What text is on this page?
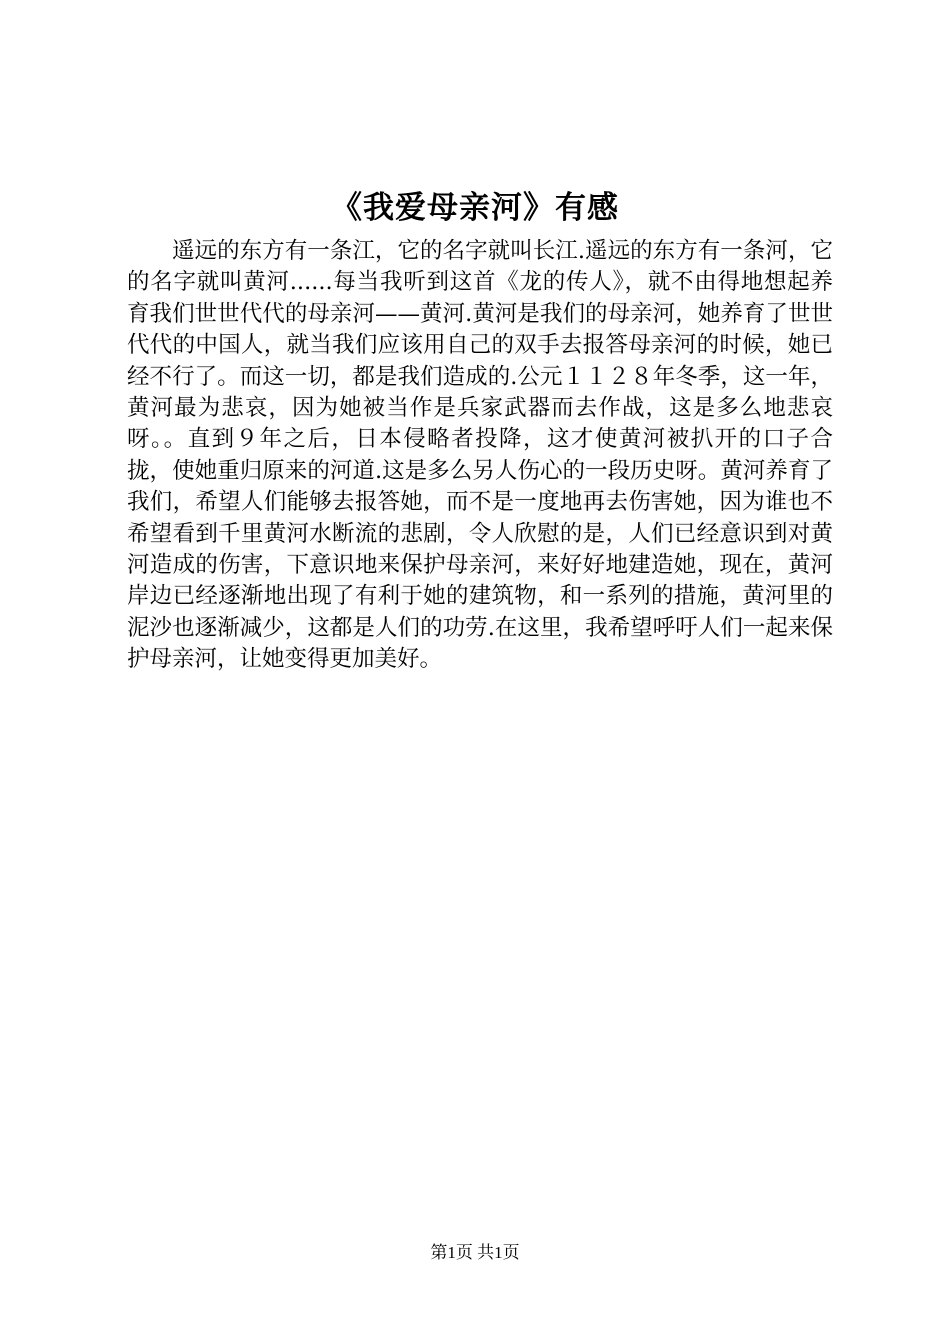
《我爱母亲河》有感

遥远的东方有一条江，它的名字就叫长江.遥远的东方有一条河，它的名字就叫黄河......每当我听到这首《龙的传人》，就不由得地想起养育我们世世代代的母亲河——黄河.黄河是我们的母亲河，她养育了世世代代的中国人，就当我们应该用自己的双手去报答母亲河的时候，她已经不行了。而这一切，都是我们造成的.公元１１２８年冬季，这一年，黄河最为悲哀，因为她被当作是兵家武器而去作战，这是多么地悲哀呀。。直到９年之后，日本侵略者投降，这才使黄河被扒开的口子合拢，使她重归原来的河道.这是多么另人伤心的一段历史呀。黄河养育了我们，希望人们能够去报答她，而不是一度地再去伤害她，因为谁也不希望看到千里黄河水断流的悲剧，令人欣慰的是，人们已经意识到对黄河造成的伤害，下意识地来保护母亲河，来好好地建造她，现在，黄河岸边已经逐渐地出现了有利于她的建筑物，和一系列的措施，黄河里的泥沙也逐渐减少，这都是人们的功劳.在这里，我希望呼吁人们一起来保护母亲河，让她变得更加美好。

第1页 共1页
